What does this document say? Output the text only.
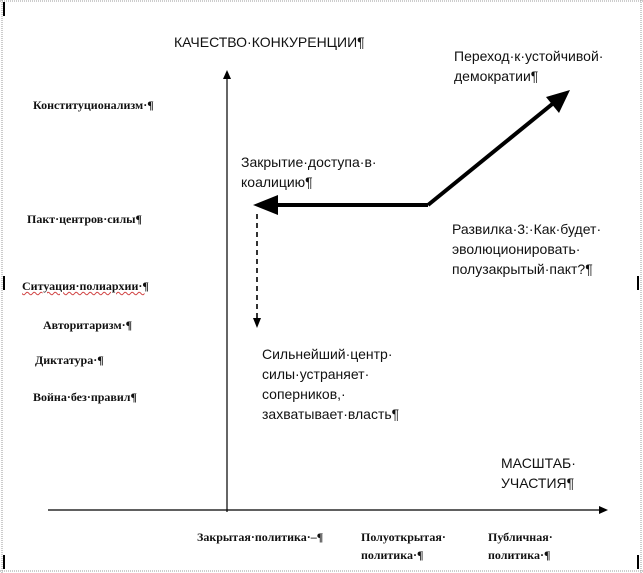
КАЧЕСТВО·КОНКУРЕНЦИИ¶
МАСШТАБ·
УЧАСТИЯ¶
Конституционализм·¶
Пакт·центров·силы¶
Ситуация·полиархии·¶
Авторитаризм·¶
Диктатура·¶
Война·без·правил¶
Закрытая·политика·–¶	Полуоткрытая·
политика·¶
Публичная·
политика·¶
Переход·к·устойчивой·
демократии¶
Закрытие·доступа·в·
коалицию¶
Развилка·3:·Как·будет·
эволюционировать·
полузакрытый·пакт?¶
Сильнейший·центр·
силы·устраняет·
соперников,·
захватывает·власть¶
